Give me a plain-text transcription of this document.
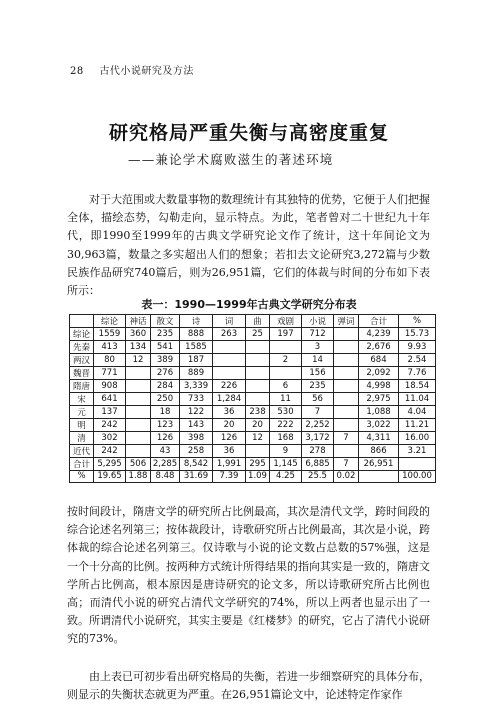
28 古代小说研究及方法
研究格局严重失衡与高密度重复
——兼论学术腐败滋生的著述环境

对于大范围或大数量事物的数理统计有其独特的优势，它便于人们把握全体，描绘态势，勾勒走向，显示特点。为此，笔者曾对二十世纪九十年代，即1990至1999年的古典文学研究论文作了统计，这十年间论文为30,963篇，数量之多实超出人们的想象；若扣去文论研究3,272篇与少数民族作品研究740篇后，则为26,951篇，它们的体裁与时间的分布如下表所示：

表一：1990—1999年古典文学研究分布表
	综论	神话	散文	诗	词	曲	戏剧	小说	弹词	合计	%
综论	1559	360	235	888	263	25	197	712		4,239	15.73
先秦	413	134	541	1585				3		2,676	9.93
两汉	80	12	389	187			2	14		684	2.54
魏晋	771		276	889				156		2,092	7.76
隋唐	908		284	3,339	226		6	235		4,998	18.54
宋	641		250	733	1,284		11	56		2,975	11.04
元	137		18	122	36	238	530	7		1,088	4.04
明	242		123	143	20	20	222	2,252		3,022	11.21
清	302		126	398	126	12	168	3,172	7	4,311	16.00
近代	242		43	258	36		9	278		866	3.21
合计	5,295	506	2,285	8,542	1,991	295	1,145	6,885	7	26,951	
%	19.65	1.88	8.48	31.69	7.39	1.09	4.25	25.5	0.02		100.00

按时间段计，隋唐文学的研究所占比例最高，其次是清代文学，跨时间段的综合论述名列第三；按体裁段计，诗歌研究所占比例最高，其次是小说，跨体裁的综合论述名列第三。仅诗歌与小说的论文数占总数的57%强，这是一个十分高的比例。按两种方式统计所得结果的指向其实是一致的，隋唐文学所占比例高，根本原因是唐诗研究的论文多，所以诗歌研究所占比例也高；而清代小说的研究占清代文学研究的74%，所以上两者也显示出了一致。所谓清代小说研究，其实主要是《红楼梦》的研究，它占了清代小说研究的73%。

由上表已可初步看出研究格局的失衡，若进一步细察研究的具体分布，则显示的失衡状态就更为严重。在26,951篇论文中，论述特定作家作
